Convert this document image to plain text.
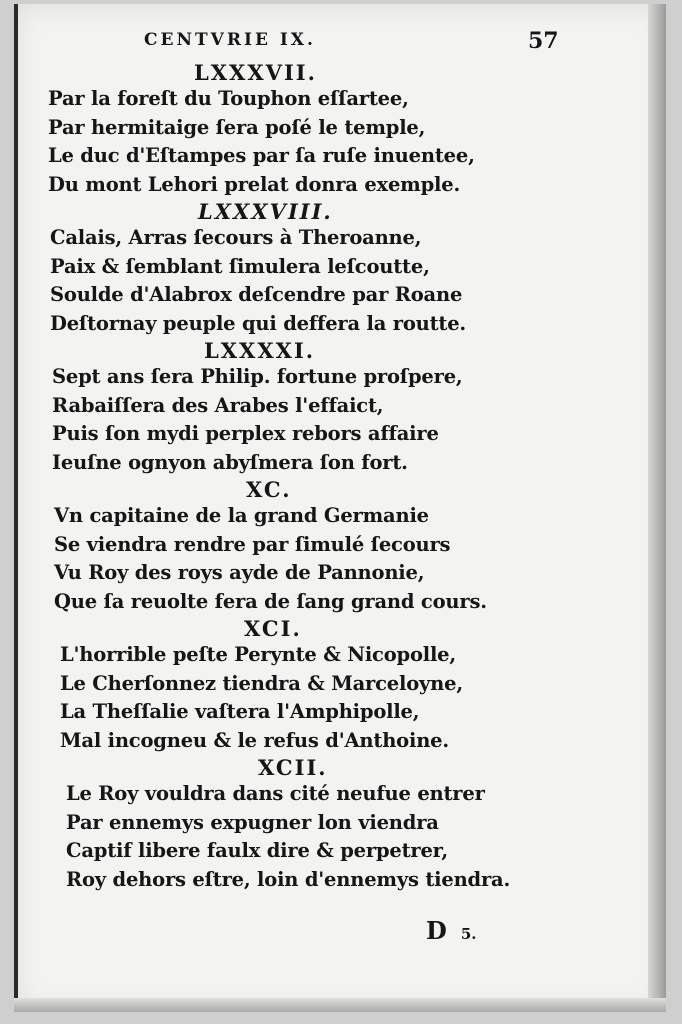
CENTVRIE IX.	57
LXXXVII.
Par la foreſt du Touphon eſſartee,
Par hermitaige ſera poſé le temple,
Le duc d'Eſtampes par ſa ruſe inuentee,
Du mont Lehori prelat donra exemple.
LXXXVIII.
Calais, Arras ſecours à Theroanne,
Paix & ſemblant ſimulera leſcoutte,
Soulde d'Alabrox deſcendre par Roane
Deſtornay peuple qui deffera la routte.
LXXXXI.
Sept ans ſera Philip. fortune proſpere,
Rabaiſſera des Arabes l'effaict,
Puis ſon mydi perplex rebors affaire
Ieuſne ognyon abyſmera ſon fort.
XC.
Vn capitaine de la grand Germanie
Se viendra rendre par ſimulé ſecours
Vu Roy des roys ayde de Pannonie,
Que ſa reuolte fera de ſang grand cours.
XCI.
L'horrible peſte Perynte & Nicopolle,
Le Cherſonnez tiendra & Marceloyne,
La Theſſalie vaſtera l'Amphipolle,
Mal incogneu & le refus d'Anthoine.
XCII.
Le Roy vouldra dans cité neufue entrer
Par ennemys expugner lon viendra
Captif libere faulx dire & perpetrer,
Roy dehors eſtre, loin d'ennemys tiendra.
D 5.
